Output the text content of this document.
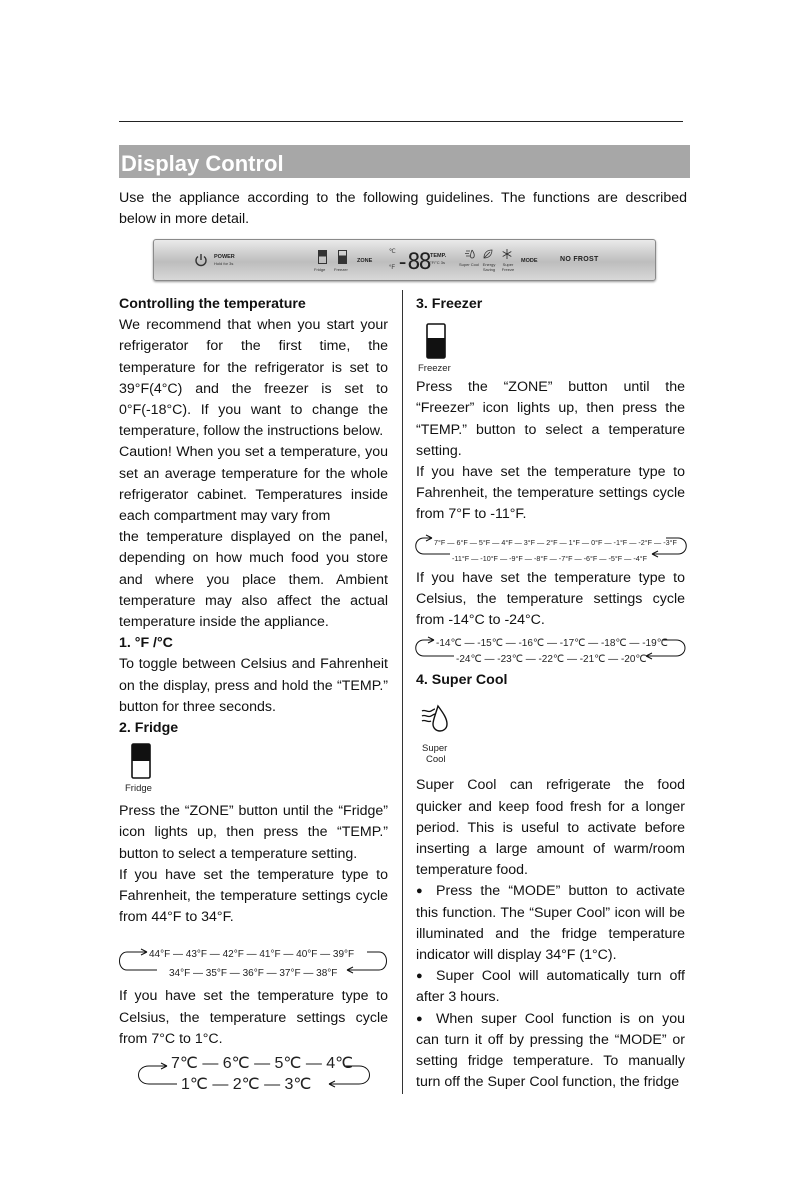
Display Control

Use the appliance according to the following guidelines. The functions are described below in more detail.

POWER
Hold for 3s
Fridge Freezer
ZONE
℃
°F -88 TEMP.
°F/°C 3s	Super Cool Energy Saving
Super Freeze
MODE	NO FROST

Controlling the temperature

We recommend that when you start your refrigerator for the first time, the temperature for the refrigerator is set to 39°F(4°C) and the freezer is set to 0°F(-18°C). If you want to change the temperature, follow the instructions below.

Caution! When you set a temperature, you set an average temperature for the whole refrigerator cabinet. Temperatures inside each compartment may vary from

the temperature displayed on the panel, depending on how much food you store and where you place them. Ambient temperature may also affect the actual temperature inside the appliance.

1. °F /°C

To toggle between Celsius and Fahrenheit on the display, press and hold the “TEMP.” button for three seconds.

2. Fridge

Fridge

Press the “ZONE” button until the “Fridge” icon lights up, then press the “TEMP.” button to select a temperature setting.

If you have set the temperature type to Fahrenheit, the temperature settings cycle from 44°F to 34°F.

44°F — 43°F — 42°F — 41°F — 40°F — 39°F
34°F — 35°F — 36°F — 37°F — 38°F

If you have set the temperature type to Celsius, the temperature settings cycle from 7°C to 1°C.

7℃ — 6℃ — 5℃ — 4℃
1℃ — 2℃ — 3℃

3. Freezer

Freezer

Press the “ZONE” button until the “Freezer” icon lights up, then press the “TEMP.” button to select a temperature setting.

If you have set the temperature type to Fahrenheit, the temperature settings cycle from 7°F to -11°F.

7°F — 6°F — 5°F — 4°F — 3°F — 2°F — 1°F — 0°F — -1°F — -2°F — -3°F
-11°F — -10°F — -9°F — -8°F — -7°F — -6°F — -5°F — -4°F

If you have set the temperature type to Celsius, the temperature settings cycle from -14°C to -24°C.

-14℃ — -15℃ — -16℃ — -17℃ — -18℃ — -19℃
-24℃ — -23℃ — -22℃ — -21℃ — -20℃

4. Super Cool

Super
Cool

Super Cool can refrigerate the food quicker and keep food fresh for a longer period. This is useful to activate before inserting a large amount of warm/room temperature food.

● Press the “MODE” button to activate this function. The “Super Cool” icon will be illuminated and the fridge temperature indicator will display 34°F (1°C).

● Super Cool will automatically turn off after 3 hours.

● When super Cool function is on you can turn it off by pressing the “MODE” or setting fridge temperature. To manually turn off the Super Cool function, the fridge
